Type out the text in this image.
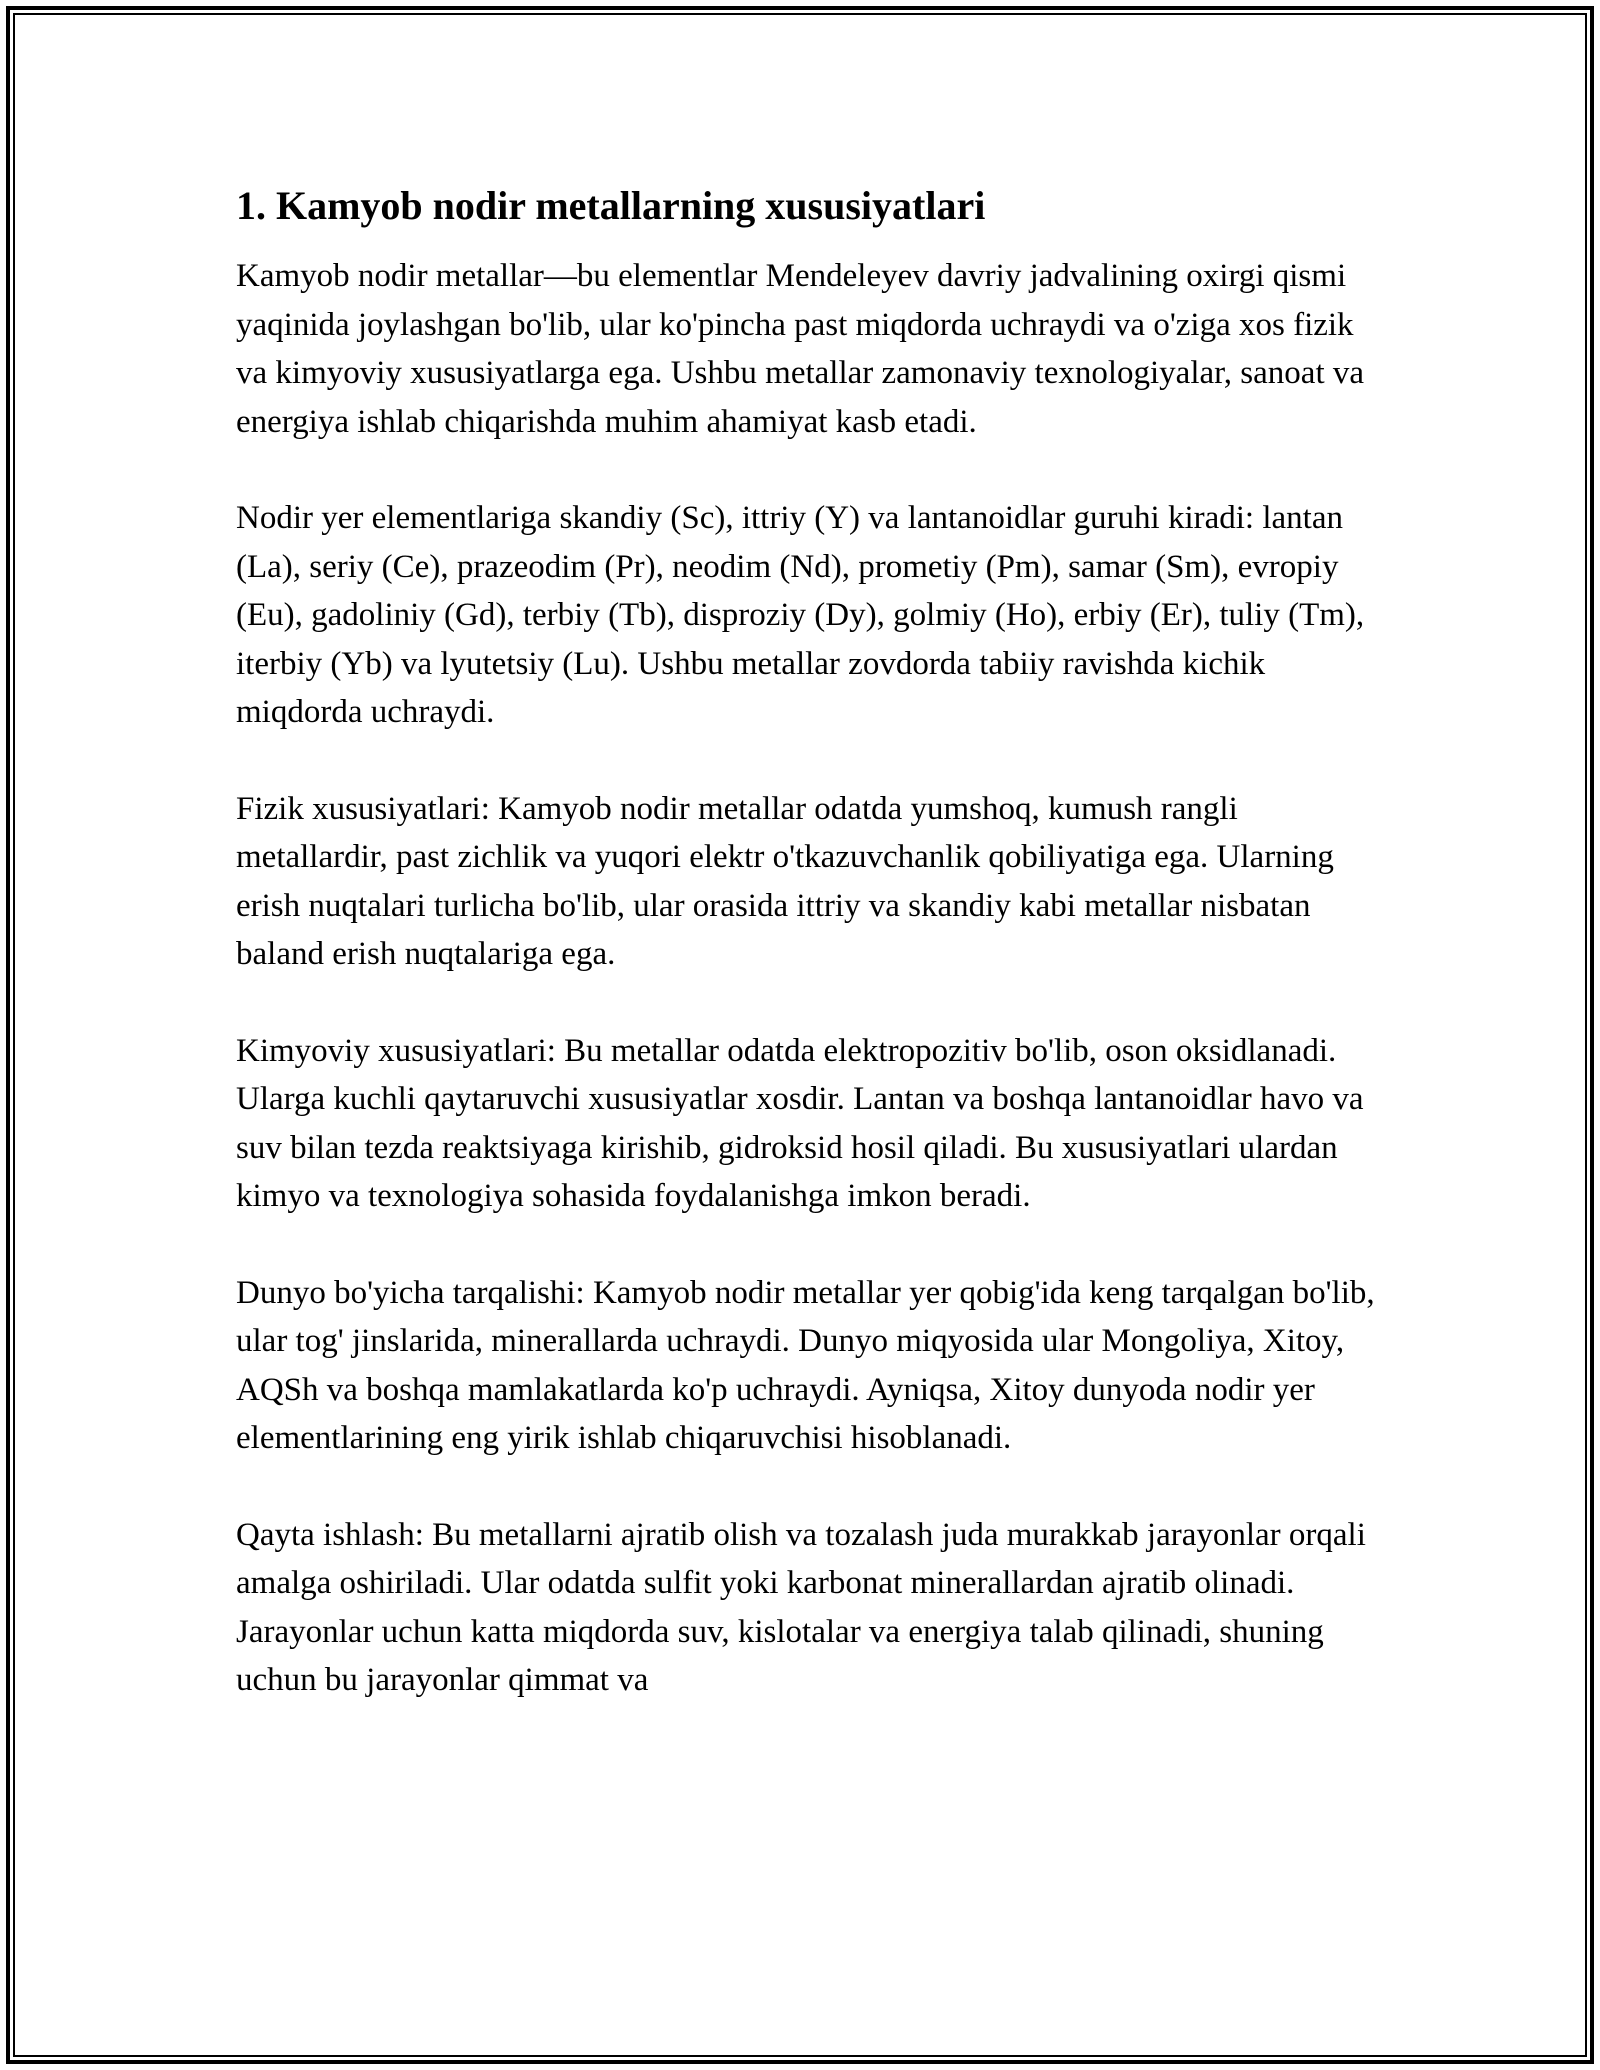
1. Kamyob nodir metallarning xususiyatlari

Kamyob nodir metallar—bu elementlar Mendeleyev davriy jadvalining oxirgi qismi yaqinida joylashgan bo'lib, ular ko'pincha past miqdorda uchraydi va o'ziga xos fizik va kimyoviy xususiyatlarga ega. Ushbu metallar zamonaviy texnologiyalar, sanoat va energiya ishlab chiqarishda muhim ahamiyat kasb etadi.

Nodir yer elementlariga skandiy (Sc), ittriy (Y) va lantanoidlar guruhi kiradi: lantan (La), seriy (Ce), prazeodim (Pr), neodim (Nd), prometiy (Pm), samar (Sm), evropiy (Eu), gadoliniy (Gd), terbiy (Tb), disproziy (Dy), golmiy (Ho), erbiy (Er), tuliy (Tm), iterbiy (Yb) va lyutetsiy (Lu). Ushbu metallar zovdorda tabiiy ravishda kichik miqdorda uchraydi.

Fizik xususiyatlari: Kamyob nodir metallar odatda yumshoq, kumush rangli metallardir, past zichlik va yuqori elektr o'tkazuvchanlik qobiliyatiga ega. Ularning erish nuqtalari turlicha bo'lib, ular orasida ittriy va skandiy kabi metallar nisbatan baland erish nuqtalariga ega.

Kimyoviy xususiyatlari: Bu metallar odatda elektropozitiv bo'lib, oson oksidlanadi. Ularga kuchli qaytaruvchi xususiyatlar xosdir. Lantan va boshqa lantanoidlar havo va suv bilan tezda reaktsiyaga kirishib, gidroksid hosil qiladi. Bu xususiyatlari ulardan kimyo va texnologiya sohasida foydalanishga imkon beradi.

Dunyo bo'yicha tarqalishi: Kamyob nodir metallar yer qobig'ida keng tarqalgan bo'lib, ular tog' jinslarida, minerallarda uchraydi. Dunyo miqyosida ular Mongoliya, Xitoy, AQSh va boshqa mamlakatlarda ko'p uchraydi. Ayniqsa, Xitoy dunyoda nodir yer elementlarining eng yirik ishlab chiqaruvchisi hisoblanadi.

Qayta ishlash: Bu metallarni ajratib olish va tozalash juda murakkab jarayonlar orqali amalga oshiriladi. Ular odatda sulfit yoki karbonat minerallardan ajratib olinadi. Jarayonlar uchun katta miqdorda suv, kislotalar va energiya talab qilinadi, shuning uchun bu jarayonlar qimmat va
